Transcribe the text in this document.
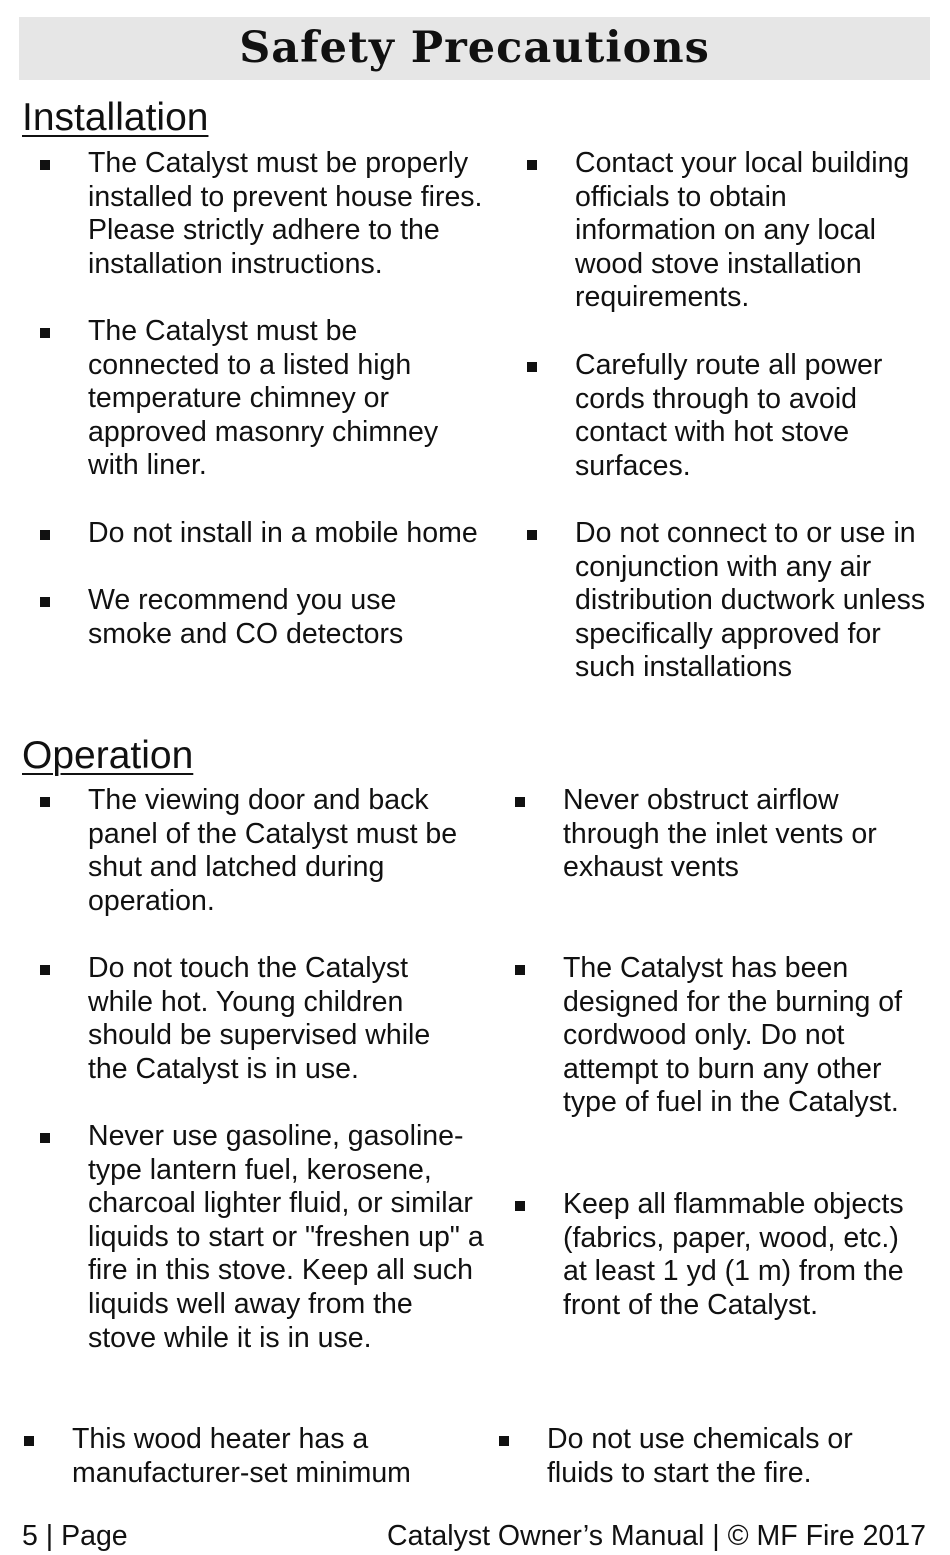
Safety Precautions
Installation
The Catalyst must be properly installed to prevent house fires. Please strictly adhere to the installation instructions.
The Catalyst must be connected to a listed high temperature chimney or approved masonry chimney with liner.
Do not install in a mobile home
We recommend you use smoke and CO detectors
Contact your local building officials to obtain information on any local wood stove installation requirements.
Carefully route all power cords through to avoid contact with hot stove surfaces.
Do not connect to or use in conjunction with any air distribution ductwork unless specifically approved for such installations
Operation
The viewing door and back panel of the Catalyst must be shut and latched during operation.
Do not touch the Catalyst while hot. Young children should be supervised while the Catalyst is in use.
Never use gasoline, gasoline-type lantern fuel, kerosene, charcoal lighter fluid, or similar liquids to start or "freshen up" a fire in this stove. Keep all such liquids well away from the stove while it is in use.
Never obstruct airflow through the inlet vents or exhaust vents
The Catalyst has been designed for the burning of cordwood only. Do not attempt to burn any other type of fuel in the Catalyst.
Keep all flammable objects (fabrics, paper, wood, etc.) at least 1 yd (1 m) from the front of the Catalyst.
This wood heater has a manufacturer-set minimum
Do not use chemicals or fluids to start the fire.
5 | Page	Catalyst Owner’s Manual | © MF Fire 2017
